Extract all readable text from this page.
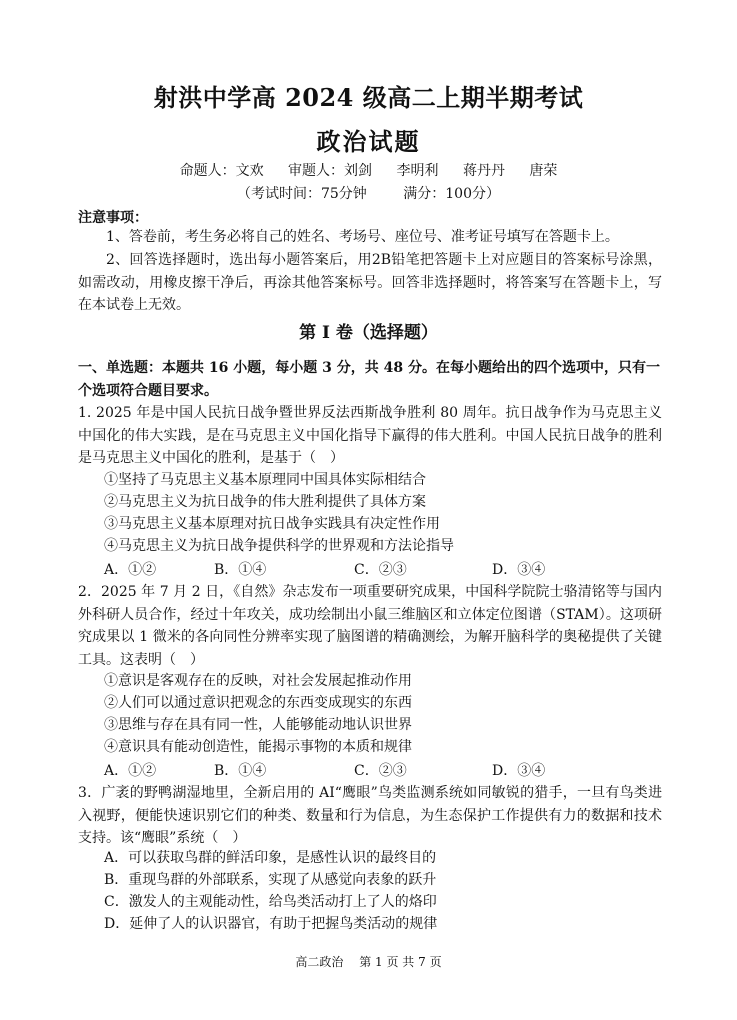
射洪中学高 2024 级高二上期半期考试
政治试题
命题人：文欢 审题人：刘剑 李明利 蒋丹丹 唐荣
（考试时间：75分钟	满分：100分）
注意事项：
1、答卷前，考生务必将自己的姓名、考场号、座位号、准考证号填写在答题卡上。
2、回答选择题时，选出每小题答案后，用2B铅笔把答题卡上对应题目的答案标号涂黑，如需改动，用橡皮擦干净后，再涂其他答案标号。回答非选择题时，将答案写在答题卡上，写在本试卷上无效。
第 I 卷（选择题）
一、单选题：本题共 16 小题，每小题 3 分，共 48 分。在每小题给出的四个选项中，只有一个选项符合题目要求。
1. 2025 年是中国人民抗日战争暨世界反法西斯战争胜利 80 周年。抗日战争作为马克思主义中国化的伟大实践，是在马克思主义中国化指导下赢得的伟大胜利。中国人民抗日战争的胜利是马克思主义中国化的胜利，是基于（　）
①坚持了马克思主义基本原理同中国具体实际相结合
②马克思主义为抗日战争的伟大胜利提供了具体方案
③马克思主义基本原理对抗日战争实践具有决定性作用
④马克思主义为抗日战争提供科学的世界观和方法论指导
A．①②	B．①④	C．②③	D．③④
2．2025 年 7 月 2 日，《自然》杂志发布一项重要研究成果，中国科学院院士骆清铭等与国内外科研人员合作，经过十年攻关，成功绘制出小鼠三维脑区和立体定位图谱（STAM）。这项研究成果以 1 微米的各向同性分辨率实现了脑图谱的精确测绘，为解开脑科学的奥秘提供了关键工具。这表明（　）
①意识是客观存在的反映，对社会发展起推动作用
②人们可以通过意识把观念的东西变成现实的东西
③思维与存在具有同一性，人能够能动地认识世界
④意识具有能动创造性，能揭示事物的本质和规律
A．①②	B．①④	C．②③	D．③④
3．广袤的野鸭湖湿地里，全新启用的 AI“鹰眼”鸟类监测系统如同敏锐的猎手，一旦有鸟类进入视野，便能快速识别它们的种类、数量和行为信息，为生态保护工作提供有力的数据和技术支持。该“鹰眼”系统（　）
A．可以获取鸟群的鲜活印象，是感性认识的最终目的
B．重现鸟群的外部联系，实现了从感觉向表象的跃升
C．激发人的主观能动性，给鸟类活动打上了人的烙印
D．延伸了人的认识器官，有助于把握鸟类活动的规律
高二政治　 第 1 页 共 7 页
